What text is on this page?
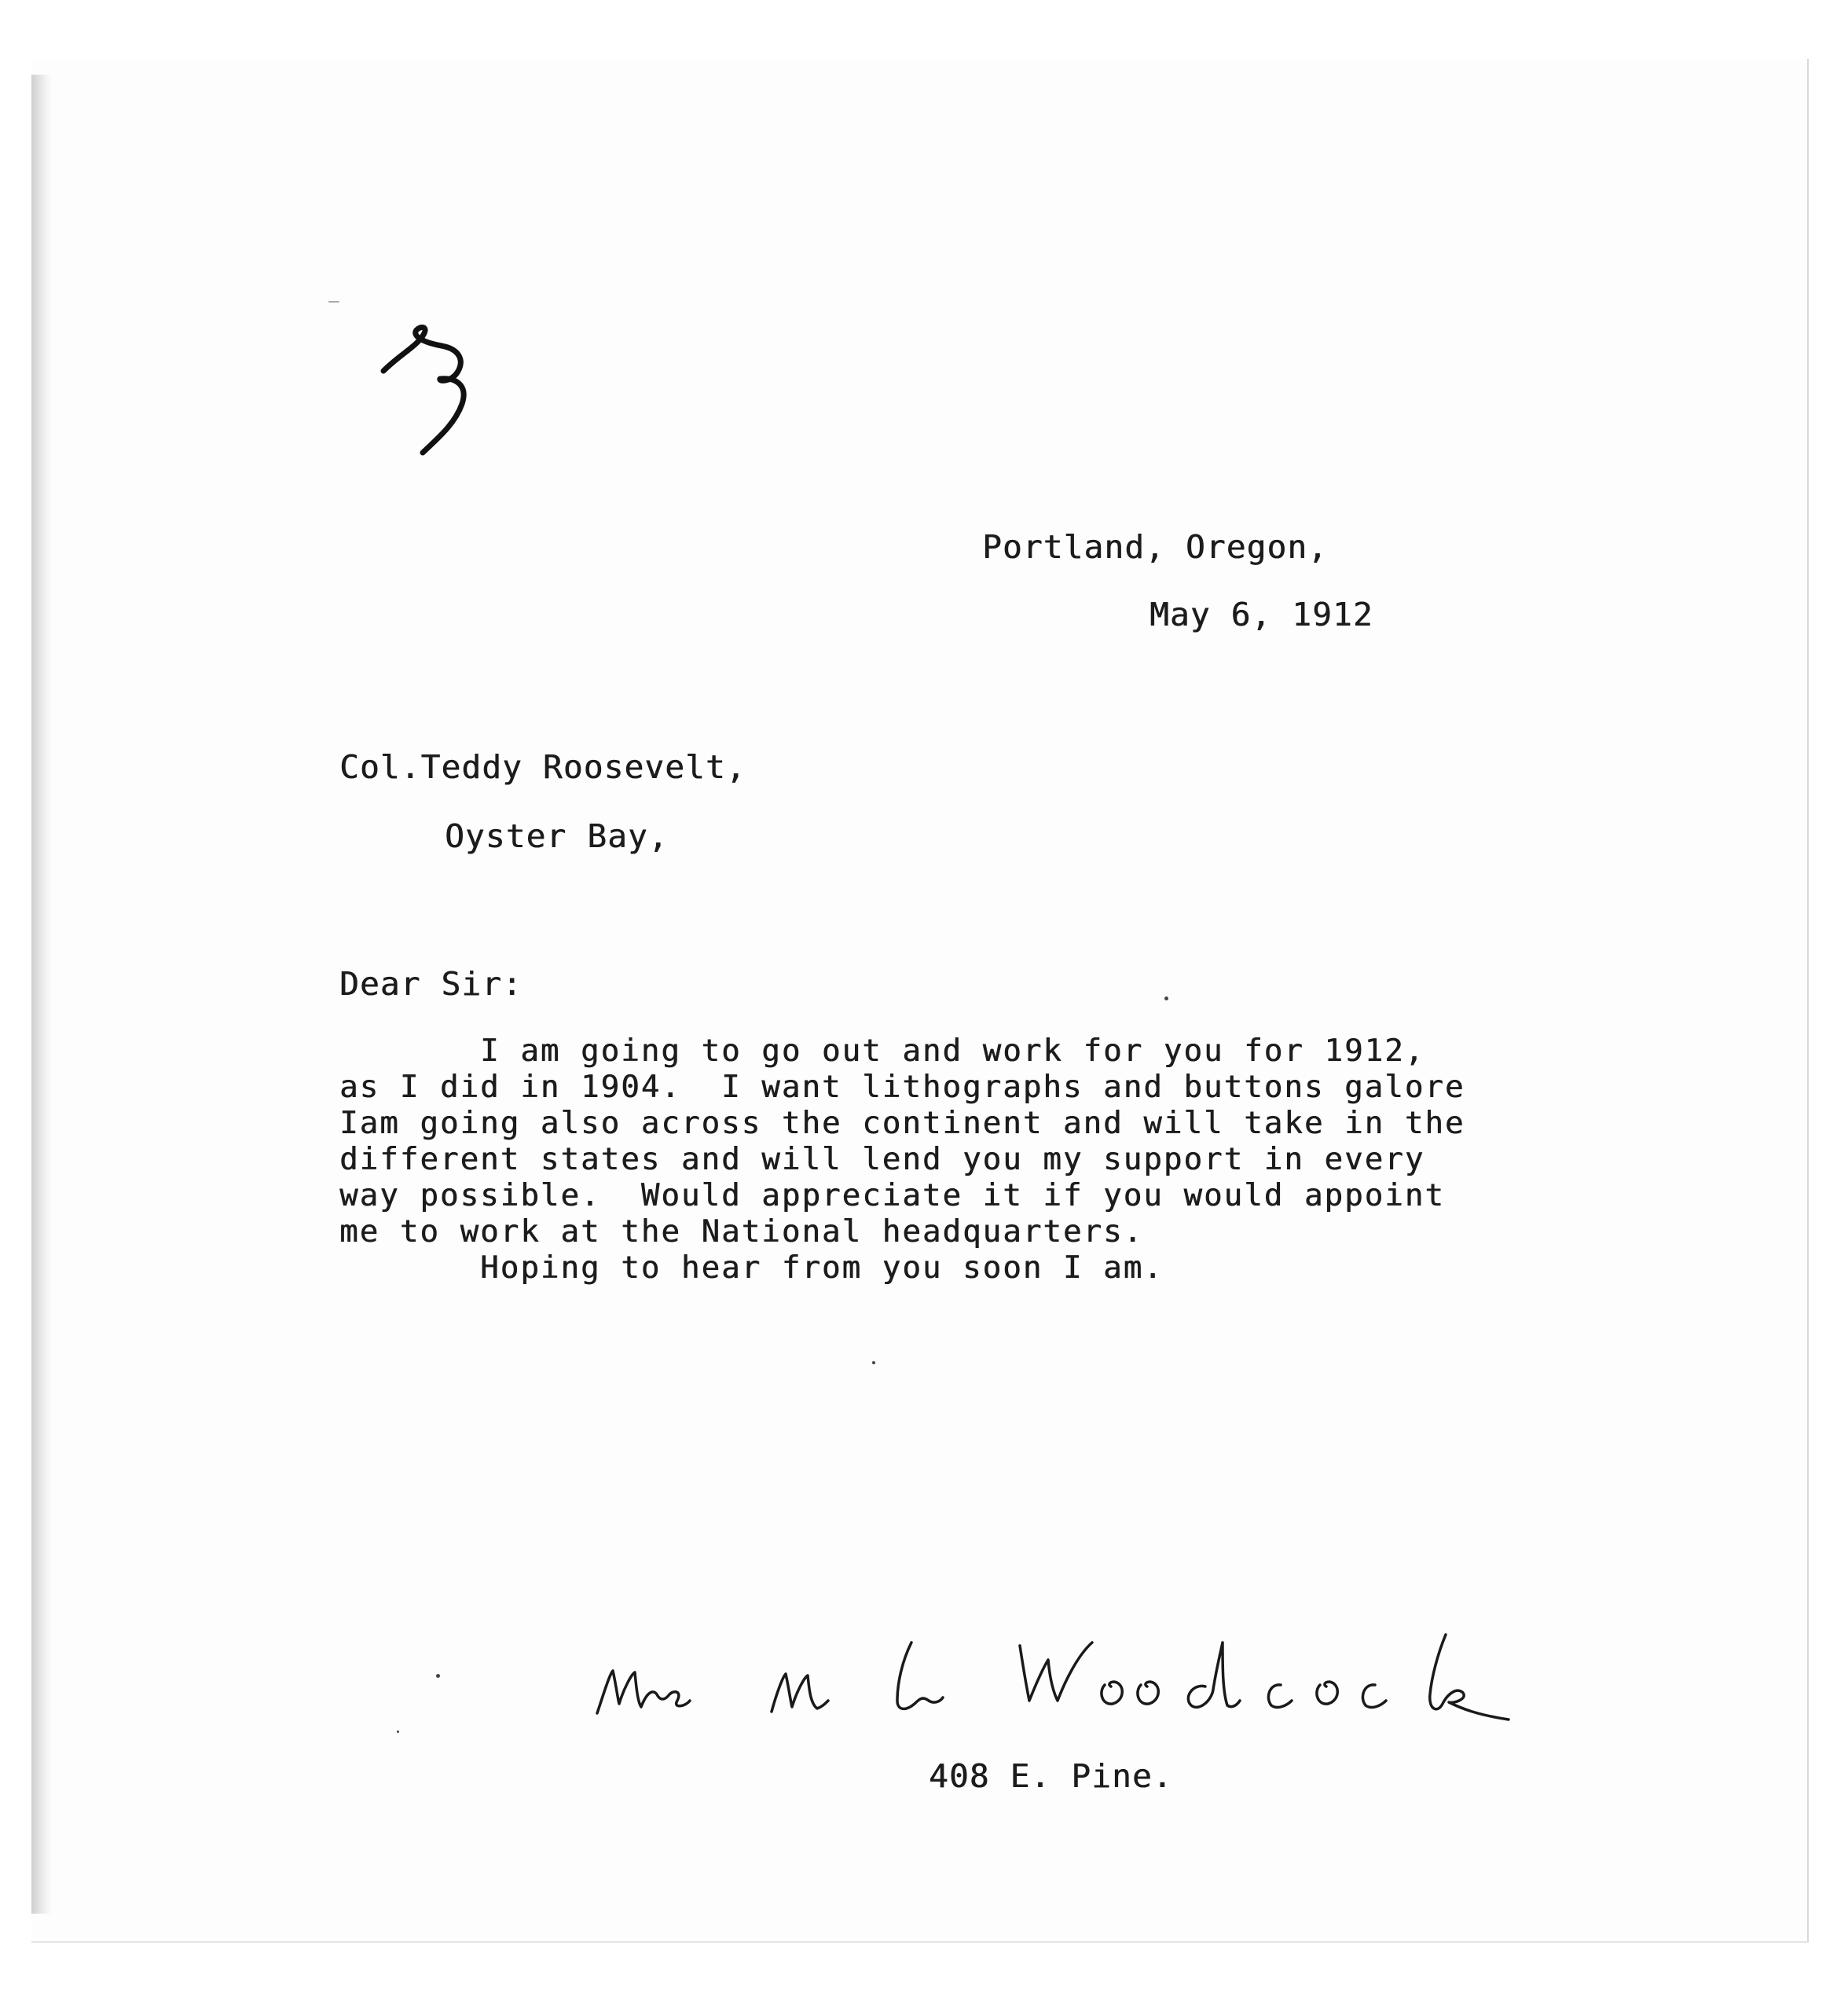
Portland, Oregon,

May 6, 1912

Col.Teddy Roosevelt,

Oyster Bay,

Dear Sir:

I am going to go out and work for you for 1912,

as I did in 1904.  I want lithographs and buttons galore

Iam going also across the continent and will take in the

different states and will lend you my support in every

way possible.  Would appreciate it if you would appoint

me to work at the National headquarters.

Hoping to hear from you soon I am.

408 E. Pine.
